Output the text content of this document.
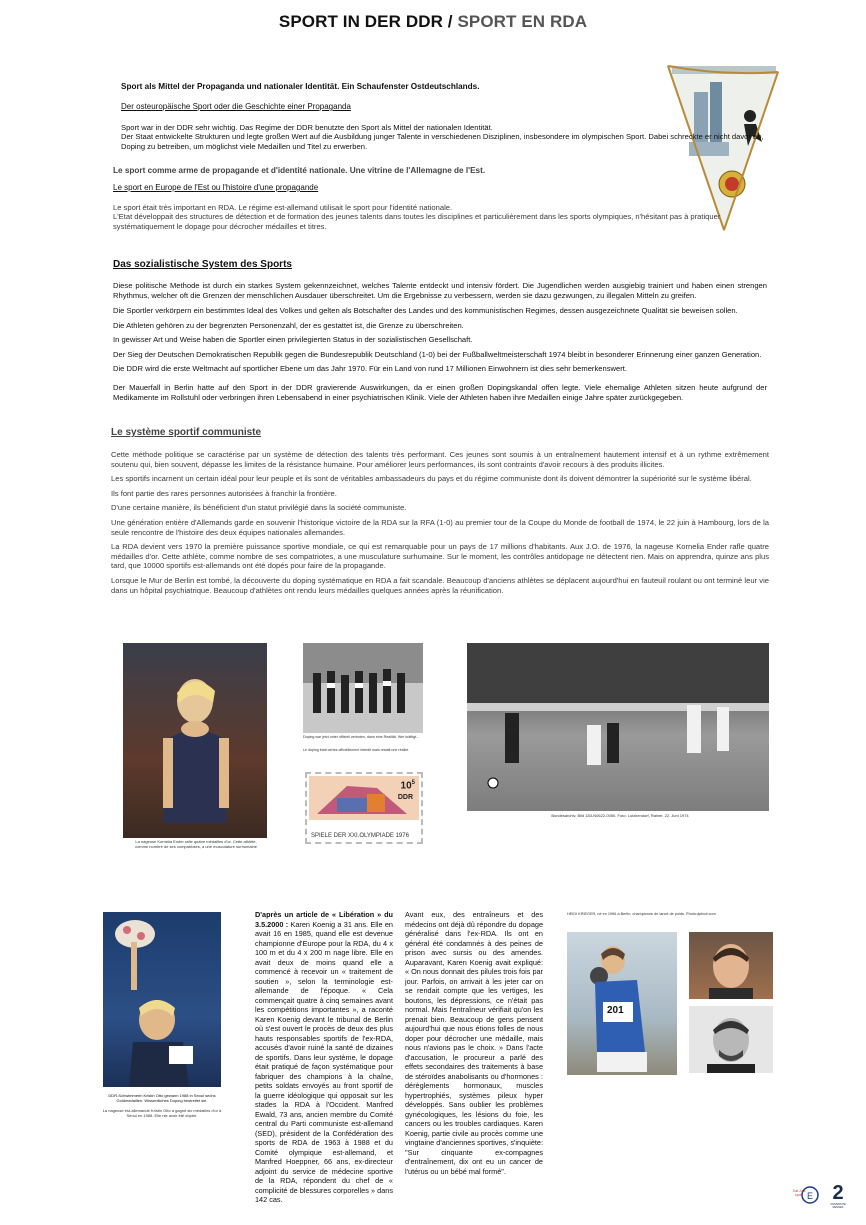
SPORT IN DER DDR / SPORT EN RDA
Sport als Mittel der Propaganda und nationaler Identität. Ein Schaufenster Ostdeutschlands.
Der osteuropäische Sport oder die Geschichte einer Propaganda
Sport war in der DDR sehr wichtig. Das Regime der DDR benutzte den Sport als Mittel der nationalen Identität.
Der Staat entwickelte Strukturen und legte großen Wert auf die Ausbildung junger Talente in verschiedenen Disziplinen, insbesondere im olympischen Sport. Dabei schreckte er nicht davor ab, Doping zu betreiben, um möglichst viele Medaillen und Titel zu erwerben.
Le sport comme arme de propagande et d'identité nationale. Une vitrine de l'Allemagne de l'Est.
Le sport en Europe de l'Est ou l'histoire d'une propagande
Le sport était très important en RDA. Le régime est-allemand utilisait le sport pour l'identité nationale.
L'Etat développait des structures de détection et de formation des jeunes talents dans toutes les disciplines et particulièrement dans les sports olympiques, n'hésitant pas à pratiquer systématiquement le dopage pour décrocher médailles et titres.
Das sozialistische System des Sports
Diese politische Methode ist durch ein starkes System gekennzeichnet, welches Talente entdeckt und intensiv fördert. Die Jugendlichen werden ausgiebig trainiert und haben einen strengen Rhythmus, welcher oft die Grenzen der menschlichen Ausdauer überschreitet. Um die Ergebnisse zu verbessern, werden sie dazu gezwungen, zu illegalen Mitteln zu greifen.
Die Sportler verkörpern ein bestimmtes Ideal des Volkes und gelten als Botschafter des Landes und des kommunistischen Regimes, dessen ausgezeichnete Qualität sie beweisen sollen.
Die Athleten gehören zu der begrenzten Personenzahl, der es gestattet ist, die Grenze zu überschreiten.
In gewisser Art und Weise haben die Sportler einen privilegierten Status in der sozialistischen Gesellschaft.
Der Sieg der Deutschen Demokratischen Republik gegen die Bundesrepublik Deutschland (1-0) bei der Fußballweltmeisterschaft 1974 bleibt in besonderer Erinnerung einer ganzen Generation.
Die DDR wird die erste Weltmacht auf sportlicher Ebene um das Jahr 1970. Für ein Land von rund 17 Millionen Einwohnern ist dies sehr bemerkenswert.
Der Mauerfall in Berlin hatte auf den Sport in der DDR gravierende Auswirkungen, da er einen großen Dopingskandal offen legte. Viele ehemalige Athleten sitzen heute aufgrund der Medikamente im Rollstuhl oder verbringen ihren Lebensabend in einer psychiatrischen Klinik. Viele der Athleten haben ihre Medaillen einige Jahre später zurückgegeben.
Le système sportif communiste
Cette méthode politique se caractérise par un système de détection des talents très performant. Ces jeunes sont soumis à un entraînement hautement intensif et à un rythme extrêmement soutenu qui, bien souvent, dépasse les limites de la résistance humaine. Pour améliorer leurs performances, ils sont contraints d'avoir recours à des produits illicites.
Les sportifs incarnent un certain idéal pour leur peuple et ils sont de véritables ambassadeurs du pays et du régime communiste dont ils doivent démontrer la supériorité sur le système libéral.
Ils font partie des rares personnes autorisées à franchir la frontière.
D'une certaine manière, ils bénéficient d'un statut privilégié dans la société communiste.
Une génération entière d'Allemands garde en souvenir l'historique victoire de la RDA sur la RFA (1-0) au premier tour de la Coupe du Monde de football de 1974, le 22 juin à Hambourg, lors de la seule rencontre de l'histoire des deux équipes nationales allemandes.
La RDA devient vers 1970 la première puissance sportive mondiale, ce qui est remarquable pour un pays de 17 millions d'habitants. Aux J.O. de 1976, la nageuse Kornelia Ender rafle quatre médailles d'or. Cette athlète, comme nombre de ses compatriotes, a une musculature surhumaine. Sur le moment, les contrôles antidopage ne détectent rien. Mais on apprendra, quinze ans plus tard, que 10000 sportifs est-allemands ont été dopés pour faire de la propagande.
Lorsque le Mur de Berlin est tombé, la découverte du doping systématique en RDA a fait scandale. Beaucoup d'anciens athlètes se déplacent aujourd'hui en fauteuil roulant ou ont terminé leur vie dans un hôpital psychiatrique. Beaucoup d'athlètes ont rendu leurs médailles quelques années après la réunification.
La nageuse Kornelia Ender rafle quatre médailles d'or. Cette athlète, comme nombre de ses compatriotes, a une musculature surhumaine
Doping war jetzt unter offiziell verboten, dann eine Realität. Wer kräftigt...
Le doping était certes officiellement interdit mais restait une réalité.
$10^5$
DDR
SPIELE DER XXI.OLYMPIADE 1976
Bundesarchiv, Bild 183-N0622-0050. Foto: Lutzkendorf, Rainer. 22. Juni 1974
DDR-Schwimmerin Kristin Otto gewann 1988 in Seoul sechs Goldmedaillen. Wissentliches Doping bestreitet sie.
La nageuse est-allemande Kristin Otto a gagné six médailles d'or à Séoul en 1988. Elle nie avoir été dopée.
D'après un article de « Libération » du 3.5.2000 : Karen Koenig a 31 ans. Elle en avait 16 en 1985, quand elle est devenue championne d'Europe pour la RDA, du 4 x 100 m et du 4 x 200 m nage libre. Elle en avait deux de moins quand elle a commencé à recevoir un « traitement de soutien », selon la terminologie est-allemande de l'époque. « Cela commençait quatre à cinq semaines avant les compétitions importantes », a raconté Karen Koenig devant le tribunal de Berlin où s'est ouvert le procès de deux des plus hauts responsables sportifs de l'ex-RDA, accusés d'avoir ruiné la santé de dizaines de sportifs. Dans leur système, le dopage était pratiqué de façon systématique pour fabriquer des champions à la chaîne, petits soldats envoyés au front sportif de la guerre idéologique qui opposait sur les stades la RDA à l'Occident. Manfred Ewald, 73 ans, ancien membre du Comité central du Parti communiste est-allemand (SED), président de la Confédération des sports de RDA de 1963 à 1988 et du Comité olympique est-allemand, et Manfred Hoeppner, 66 ans, ex-directeur adjoint du service de médecine sportive de la RDA, répondent du chef de « complicité de blessures corporelles » dans 142 cas.
Avant eux, des entraîneurs et des médecins ont déjà dû répondre du dopage généralisé dans l'ex-RDA. Ils ont en général été condamnés à des peines de prison avec sursis ou des amendes. Auparavant, Karen Koenig avait expliqué: « On nous donnait des pilules trois fois par jour. Parfois, on arrivait à les jeter car on se rendait compte que les vertiges, les boutons, les dépressions, ce n'était pas normal. Mais l'entraîneur vérifiait qu'on les prenait bien. Beaucoup de gens pensent aujourd'hui que nous étions folles de nous doper pour décrocher une médaille, mais nous n'avions pas le choix. » Dans l'acte d'accusation, le procureur a parlé des effets secondaires des traitements à base de stéroïdes anabolisants ou d'hormones : dérèglements hormonaux, muscles hypertrophiés, systèmes pileux hyper développés. Sans oublier les problèmes gynécologiques, les lésions du foie, les cancers ou les troubles cardiaques. Karen Koenig, partie civile au procès comme une vingtaine d'anciennes sportives, s'inquiète: "Sur cinquante ex-compagnes d'entraînement, dix ont eu un cancer de l'utérus ou un bébé mal formé".
HEIDI KRIEGER, né en 1966 à Berlin, championne de lancé de poids. Photo:dpfoot.com
201
E
Sud Jura Lycée	2
UNIVERSITÉ RENNES
